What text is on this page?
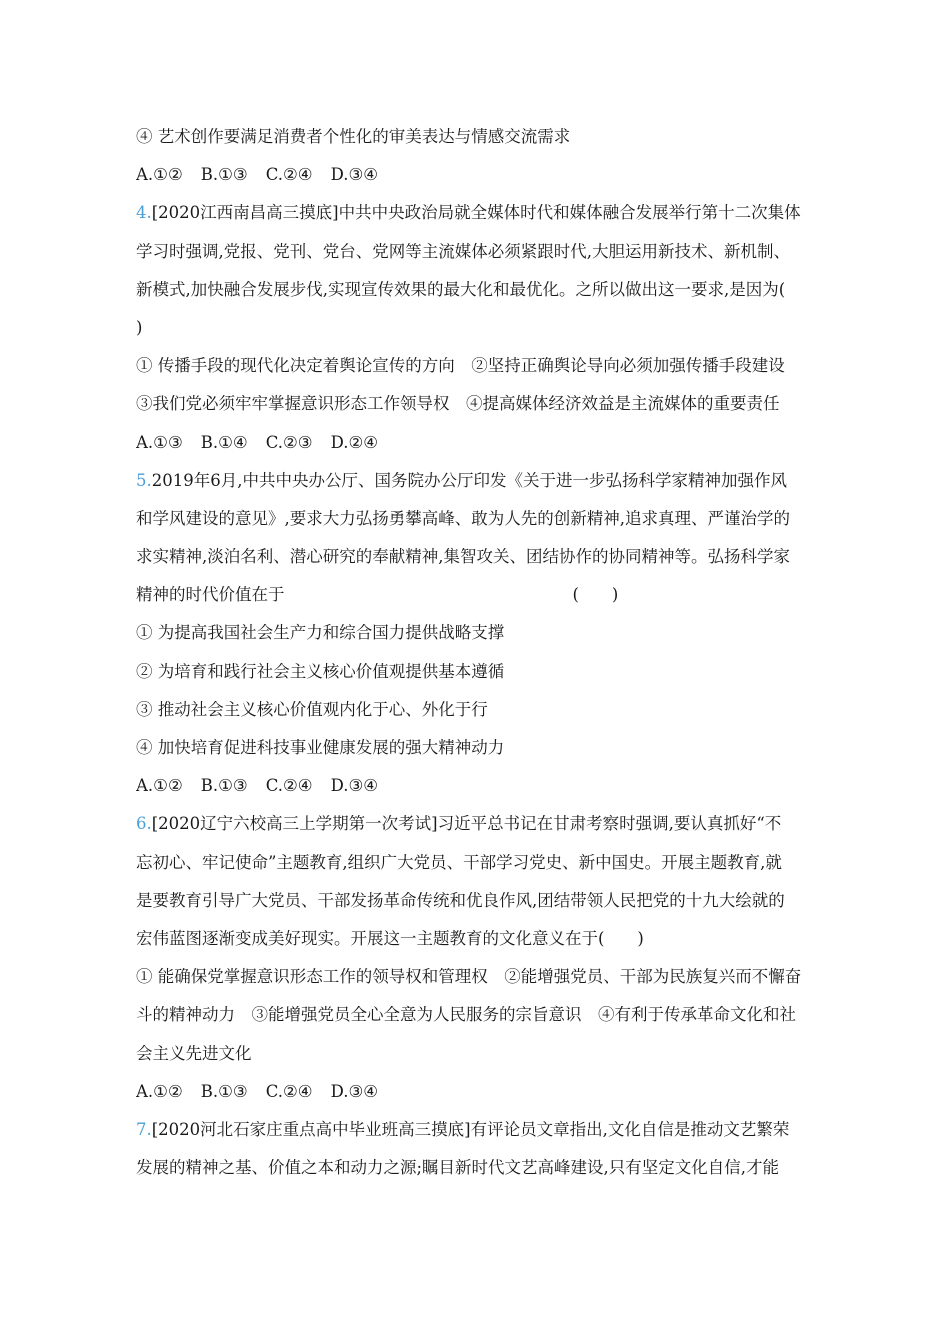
④ 艺术创作要满足消费者个性化的审美表达与情感交流需求
A.①② B.①③ C.②④ D.③④
4.[2020江西南昌高三摸底]中共中央政治局就全媒体时代和媒体融合发展举行第十二次集体
学习时强调,党报、党刊、党台、党网等主流媒体必须紧跟时代,大胆运用新技术、新机制、
新模式,加快融合发展步伐,实现宣传效果的最大化和最优化。之所以做出这一要求,是因为(
)
① 传播手段的现代化决定着舆论宣传的方向　②坚持正确舆论导向必须加强传播手段建设
③我们党必须牢牢掌握意识形态工作领导权　④提高媒体经济效益是主流媒体的重要责任
A.①③ B.①④ C.②③ D.②④
5.2019年6月,中共中央办公厅、国务院办公厅印发《关于进一步弘扬科学家精神加强作风
和学风建设的意见》,要求大力弘扬勇攀高峰、敢为人先的创新精神,追求真理、严谨治学的
求实精神,淡泊名利、潜心研究的奉献精神,集智攻关、团结协作的协同精神等。弘扬科学家
精神的时代价值在于	(　　)
① 为提高我国社会生产力和综合国力提供战略支撑
② 为培育和践行社会主义核心价值观提供基本遵循
③ 推动社会主义核心价值观内化于心、外化于行
④ 加快培育促进科技事业健康发展的强大精神动力
A.①② B.①③ C.②④ D.③④
6.[2020辽宁六校高三上学期第一次考试]习近平总书记在甘肃考察时强调,要认真抓好“不
忘初心、牢记使命”主题教育,组织广大党员、干部学习党史、新中国史。开展主题教育,就
是要教育引导广大党员、干部发扬革命传统和优良作风,团结带领人民把党的十九大绘就的
宏伟蓝图逐渐变成美好现实。开展这一主题教育的文化意义在于(　　)
① 能确保党掌握意识形态工作的领导权和管理权　②能增强党员、干部为民族复兴而不懈奋
斗的精神动力　③能增强党员全心全意为人民服务的宗旨意识　④有利于传承革命文化和社
会主义先进文化
A.①② B.①③ C.②④ D.③④
7.[2020河北石家庄重点高中毕业班高三摸底]有评论员文章指出,文化自信是推动文艺繁荣
发展的精神之基、价值之本和动力之源;瞩目新时代文艺高峰建设,只有坚定文化自信,才能
